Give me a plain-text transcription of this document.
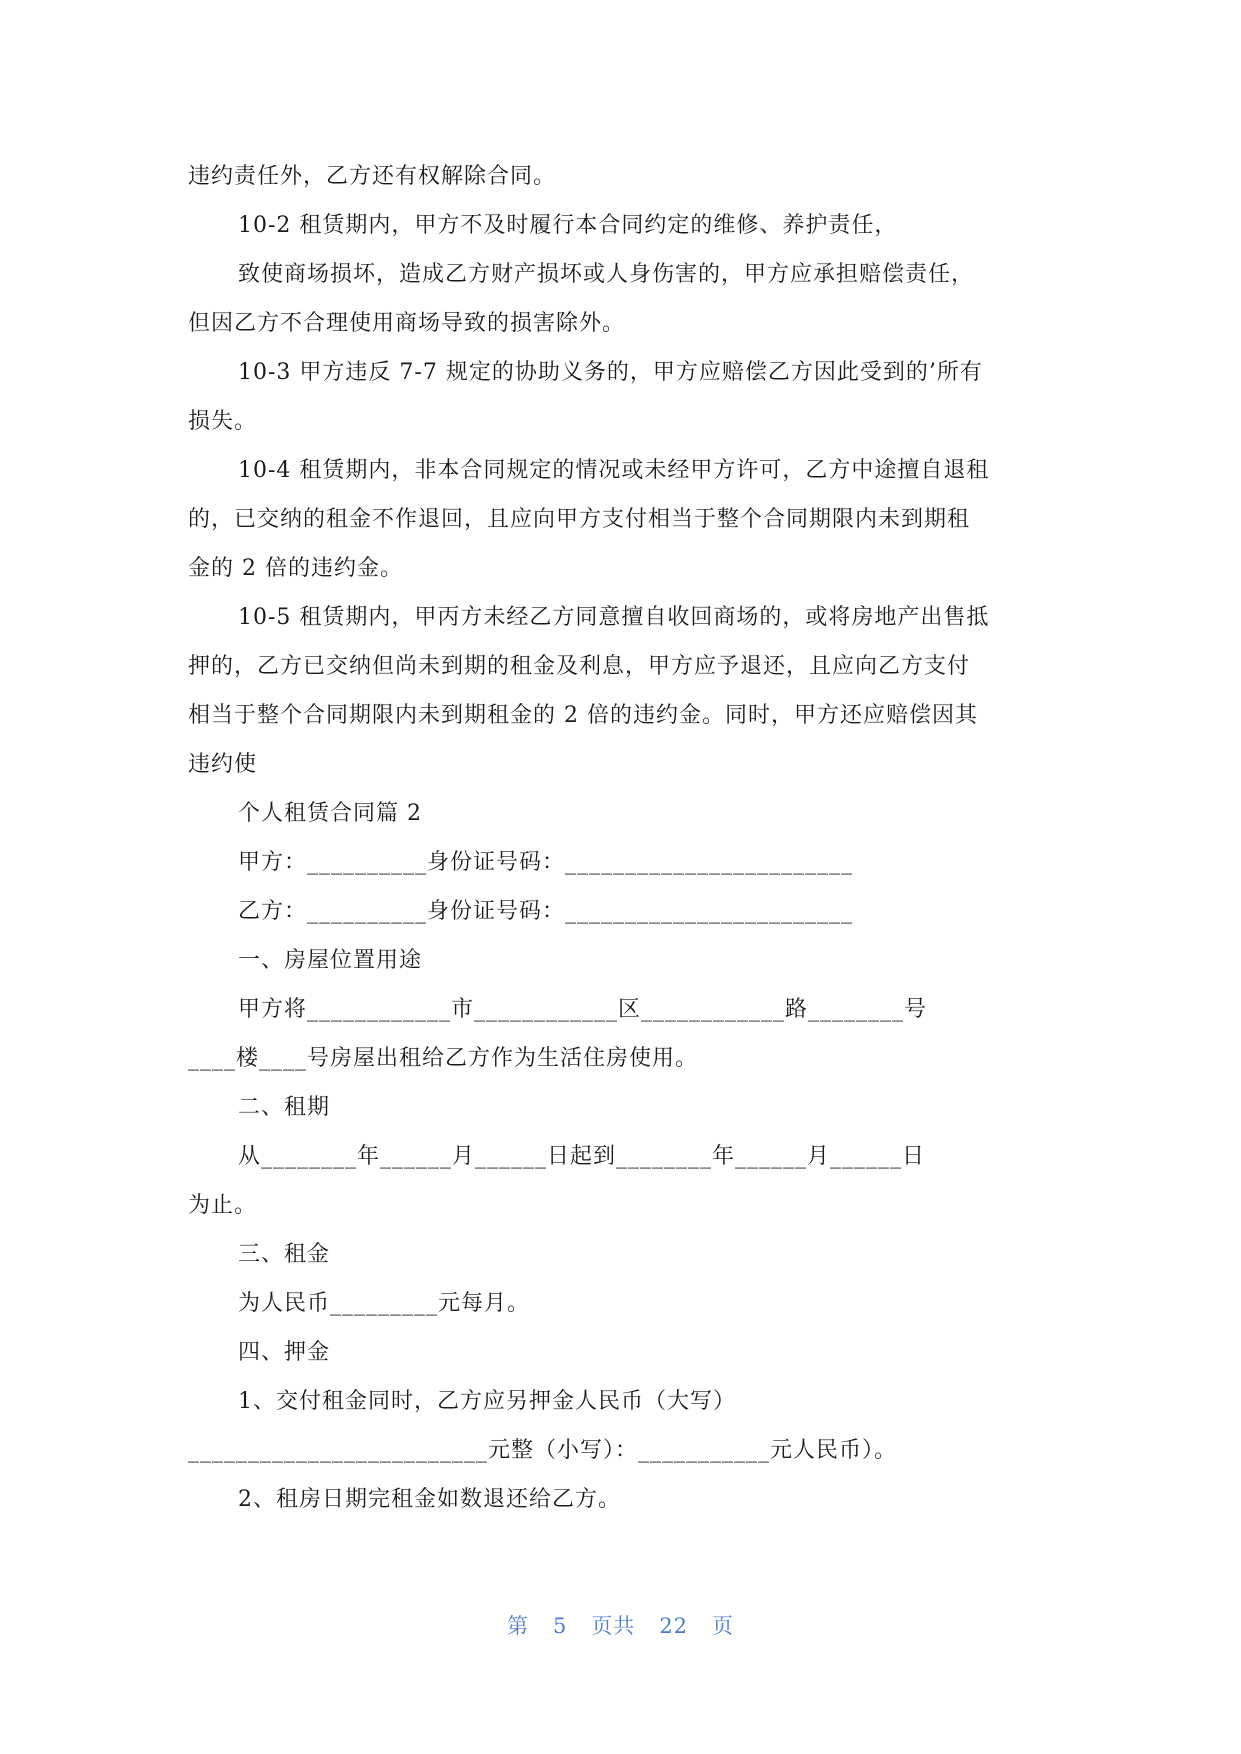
违约责任外，乙方还有权解除合同。

10-2 租赁期内，甲方不及时履行本合同约定的维修、养护责任，

致使商场损坏，造成乙方财产损坏或人身伤害的，甲方应承担赔偿责任，

但因乙方不合理使用商场导致的损害除外。

10-3 甲方违反 7-7 规定的协助义务的，甲方应赔偿乙方因此受到的’所有

损失。

10-4 租赁期内，非本合同规定的情况或未经甲方许可，乙方中途擅自退租

的，已交纳的租金不作退回，且应向甲方支付相当于整个合同期限内未到期租

金的 2 倍的违约金。

10-5 租赁期内，甲丙方未经乙方同意擅自收回商场的，或将房地产出售抵

押的，乙方已交纳但尚未到期的租金及利息，甲方应予退还，且应向乙方支付

相当于整个合同期限内未到期租金的 2 倍的违约金。同时，甲方还应赔偿因其

违约使

个人租赁合同篇 2

甲方：__________身份证号码：________________________

乙方：__________身份证号码：________________________

一、房屋位置用途

甲方将____________市____________区____________路________号

____楼____号房屋出租给乙方作为生活住房使用。

二、租期

从________年______月______日起到________年______月______日

为止。

三、租金

为人民币_________元每月。

四、押金

1、交付租金同时，乙方应另押金人民币（大写）

_________________________元整（小写）：___________元人民币）。

2、租房日期完租金如数退还给乙方。

第 5 页共 22 页
